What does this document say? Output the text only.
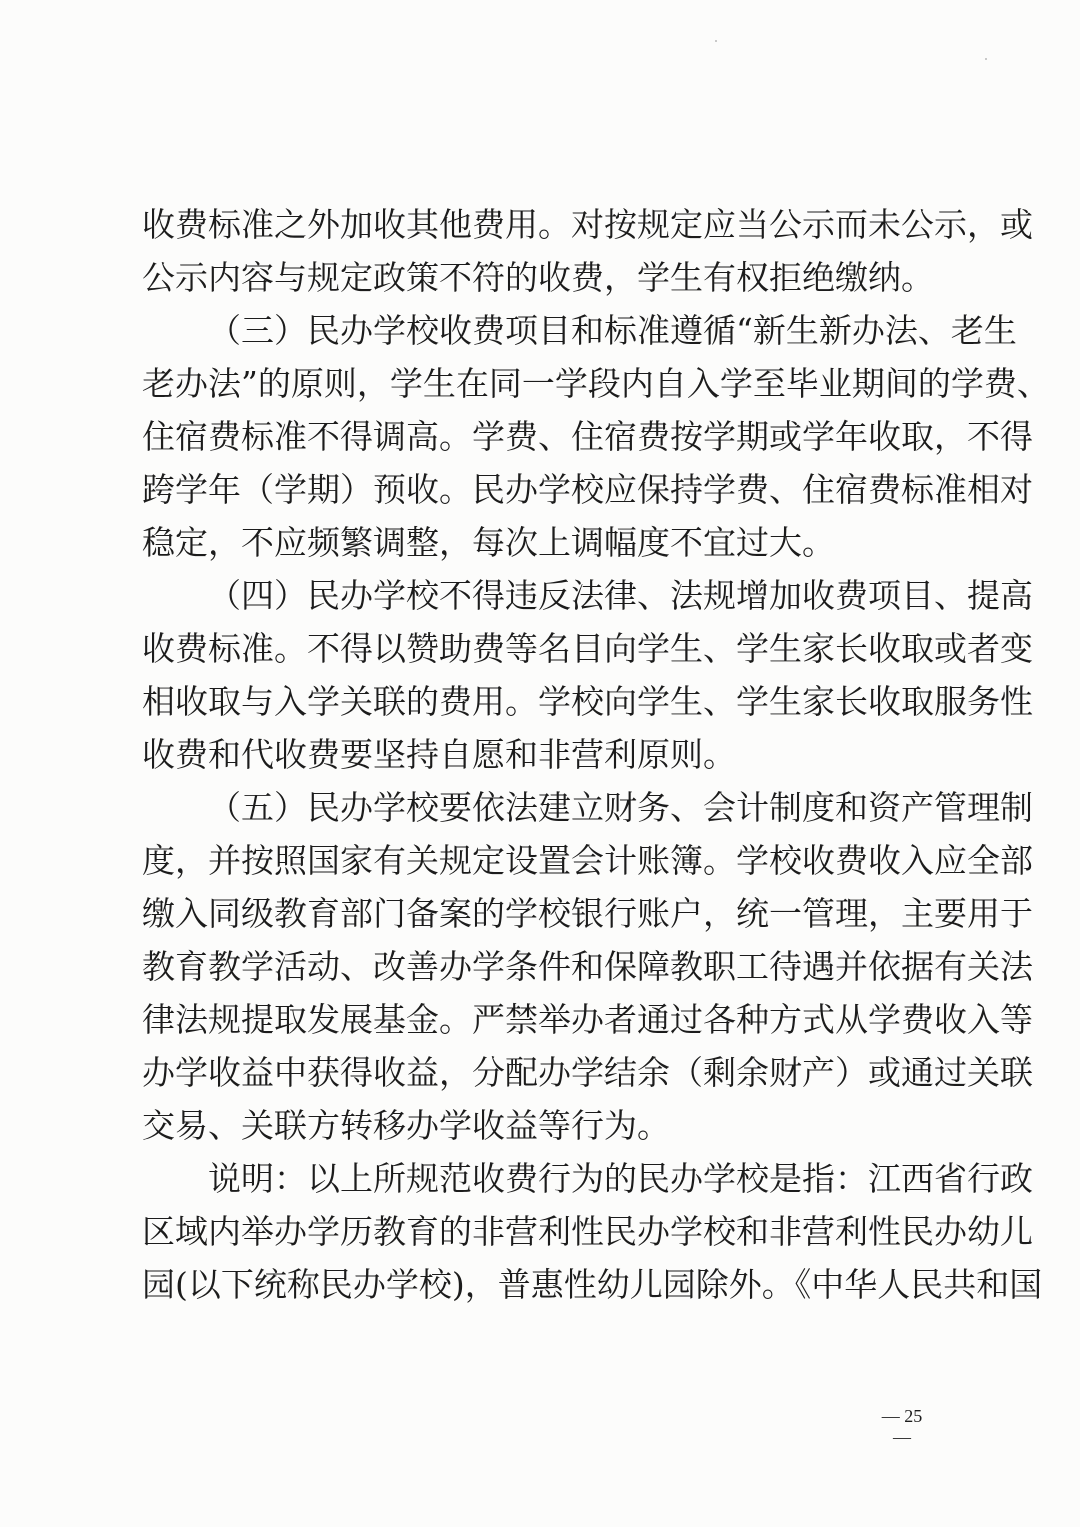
收费标准之外加收其他费用。对按规定应当公示而未公示，或
公示内容与规定政策不符的收费，学生有权拒绝缴纳。
（三）民办学校收费项目和标准遵循“新生新办法、老生
老办法”的原则，学生在同一学段内自入学至毕业期间的学费、
住宿费标准不得调高。学费、住宿费按学期或学年收取，不得
跨学年（学期）预收。民办学校应保持学费、住宿费标准相对
稳定，不应频繁调整，每次上调幅度不宜过大。
（四）民办学校不得违反法律、法规增加收费项目、提高
收费标准。不得以赞助费等名目向学生、学生家长收取或者变
相收取与入学关联的费用。学校向学生、学生家长收取服务性
收费和代收费要坚持自愿和非营利原则。
（五）民办学校要依法建立财务、会计制度和资产管理制
度，并按照国家有关规定设置会计账簿。学校收费收入应全部
缴入同级教育部门备案的学校银行账户，统一管理，主要用于
教育教学活动、改善办学条件和保障教职工待遇并依据有关法
律法规提取发展基金。严禁举办者通过各种方式从学费收入等
办学收益中获得收益，分配办学结余（剩余财产）或通过关联
交易、关联方转移办学收益等行为。
说明：以上所规范收费行为的民办学校是指：江西省行政
区域内举办学历教育的非营利性民办学校和非营利性民办幼儿
园(以下统称民办学校)，普惠性幼儿园除外。《中华人民共和国
— 25 —
